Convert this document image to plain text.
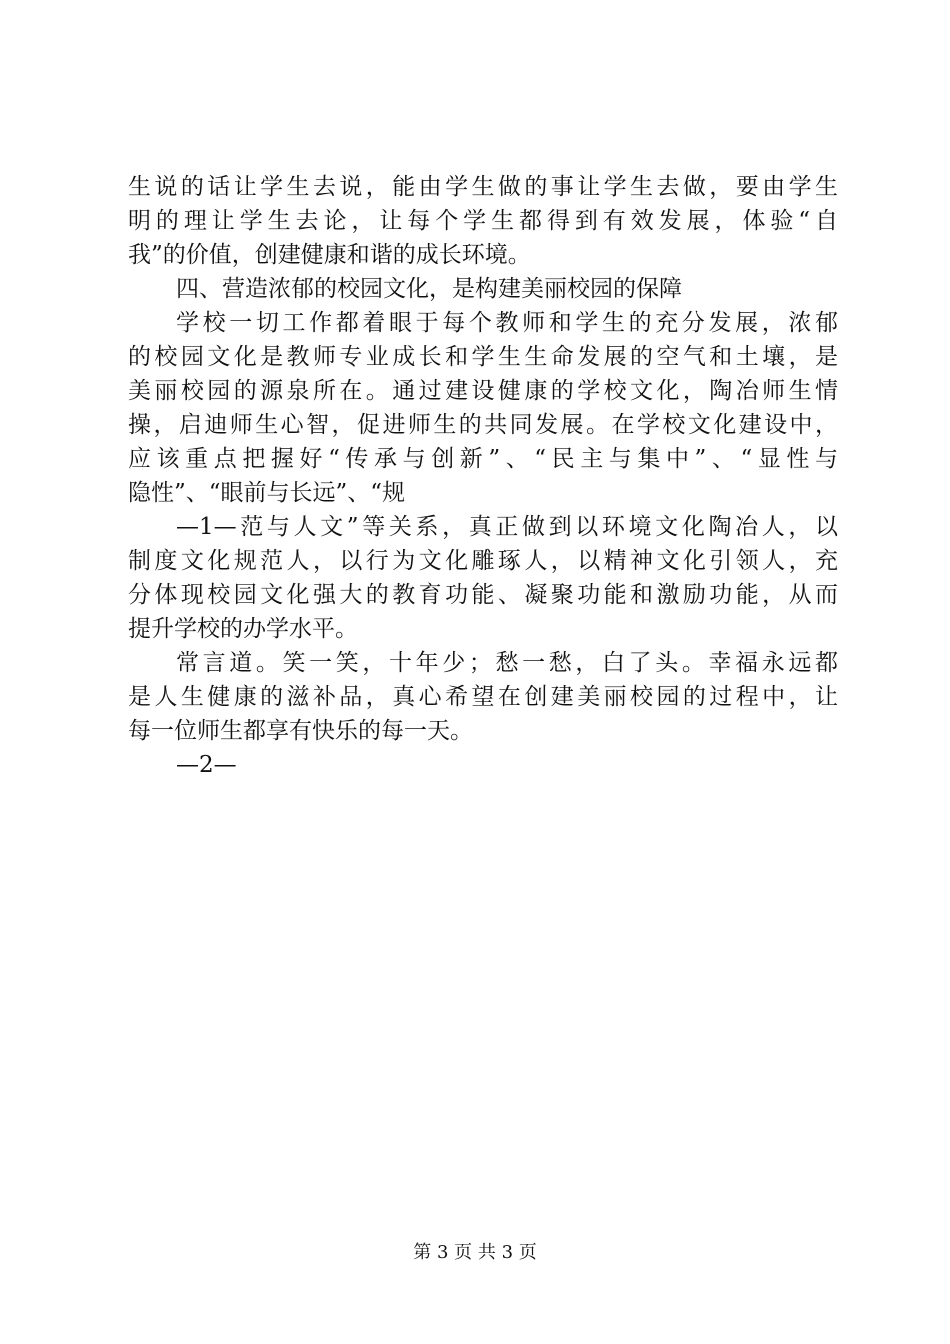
生说的话让学生去说，能由学生做的事让学生去做，要由学生
明的理让学生去论，让每个学生都得到有效发展，体验“自
我”的价值，创建健康和谐的成长环境。
四、营造浓郁的校园文化，是构建美丽校园的保障
学校一切工作都着眼于每个教师和学生的充分发展，浓郁
的校园文化是教师专业成长和学生生命发展的空气和土壤，是
美丽校园的源泉所在。通过建设健康的学校文化，陶冶师生情
操，启迪师生心智，促进师生的共同发展。在学校文化建设中，
应该重点把握好“传承与创新”、“民主与集中”、“显性与
隐性”、“眼前与长远”、“规
—1—范与人文”等关系，真正做到以环境文化陶冶人，以
制度文化规范人，以行为文化雕琢人，以精神文化引领人，充
分体现校园文化强大的教育功能、凝聚功能和激励功能，从而
提升学校的办学水平。
常言道。笑一笑，十年少；愁一愁，白了头。幸福永远都
是人生健康的滋补品，真心希望在创建美丽校园的过程中，让
每一位师生都享有快乐的每一天。
—2—
第 3 页 共 3 页
